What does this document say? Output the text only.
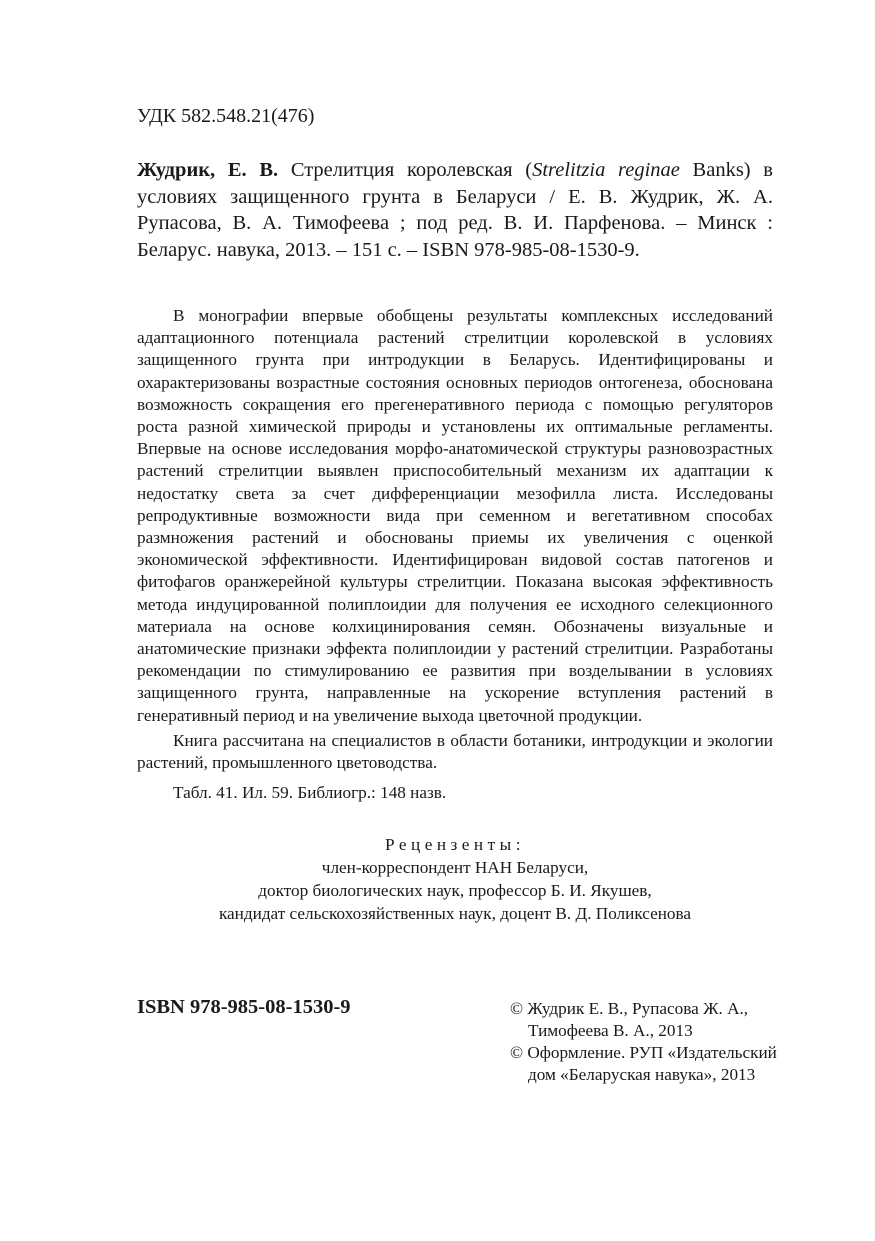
УДК 582.548.21(476)
Жудрик, Е. В. Стрелитция королевская (Strelitzia reginae Banks) в условиях защищенного грунта в Беларуси / Е. В. Жудрик, Ж. А. Рупасова, В. А. Тимофеева ; под ред. В. И. Парфенова. – Минск : Беларус. навука, 2013. – 151 с. – ISBN 978-985-08-1530-9.

В монографии впервые обобщены результаты комплексных исследований адаптационного потенциала растений стрелитции королевской в условиях защищенного грунта при интродукции в Беларусь. Идентифицированы и охарактеризованы возрастные состояния основных периодов онтогенеза, обоснована возможность сокращения его прегенеративного периода с помощью регуляторов роста разной химической природы и установлены их оптимальные регламенты. Впервые на основе исследования морфо-анатомической структуры разновозрастных растений стрелитции выявлен приспособительный механизм их адаптации к недостатку света за счет дифференциации мезофилла листа. Исследованы репродуктивные возможности вида при семенном и вегетативном способах размножения растений и обоснованы приемы их увеличения с оценкой экономической эффективности. Идентифицирован видовой состав патогенов и фитофагов оранжерейной культуры стрелитции. Показана высокая эффективность метода индуцированной полиплоидии для получения ее исходного селекционного материала на основе колхицинирования семян. Обозначены визуальные и анатомические признаки эффекта полиплоидии у растений стрелитции. Разработаны рекомендации по стимулированию ее развития при возделывании в условиях защищенного грунта, направленные на ускорение вступления растений в генеративный период и на увеличение выхода цветочной продукции.

Книга рассчитана на специалистов в области ботаники, интродукции и экологии растений, промышленного цветоводства.

Табл. 41. Ил. 59. Библиогр.: 148 назв.

Рецензенты:
член-корреспондент НАН Беларуси,
доктор биологических наук, профессор Б. И. Якушев,
кандидат сельскохозяйственных наук, доцент В. Д. Поликсенова
ISBN 978-985-08-1530-9	© Жудрик Е. В., Рупасова Ж. А., Тимофеева В. А., 2013
© Оформление. РУП «Издательский дом «Беларуская навука», 2013
